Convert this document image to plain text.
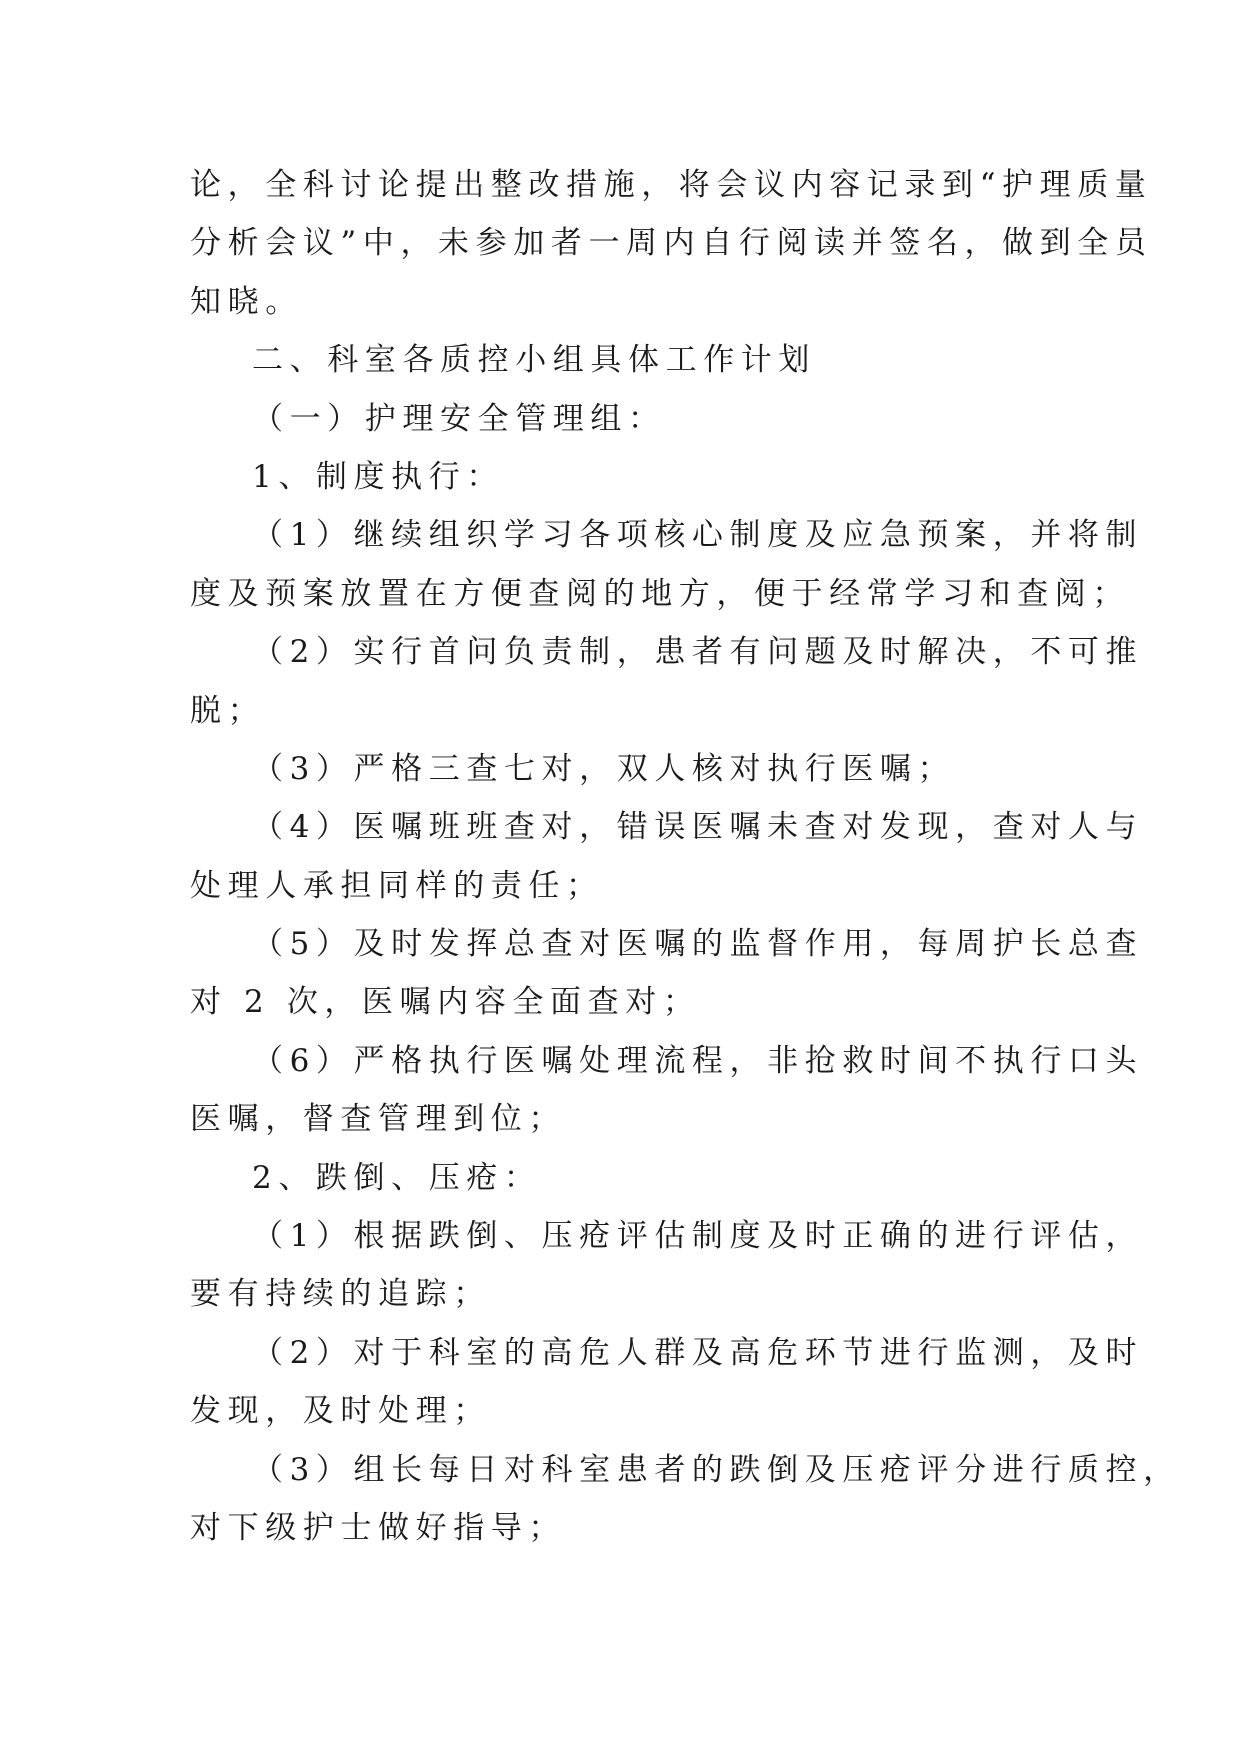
论，全科讨论提出整改措施，将会议内容记录到“护理质量
分析会议”中，未参加者一周内自行阅读并签名，做到全员
知晓。
二、科室各质控小组具体工作计划
（一）护理安全管理组：
1、制度执行：
（1）继续组织学习各项核心制度及应急预案，并将制
度及预案放置在方便查阅的地方，便于经常学习和查阅；
（2）实行首问负责制，患者有问题及时解决，不可推
脱；
（3）严格三查七对，双人核对执行医嘱；
（4）医嘱班班查对，错误医嘱未查对发现，查对人与
处理人承担同样的责任；
（5）及时发挥总查对医嘱的监督作用，每周护长总查
对 2 次，医嘱内容全面查对；
（6）严格执行医嘱处理流程，非抢救时间不执行口头
医嘱，督查管理到位；
2、跌倒、压疮：
（1）根据跌倒、压疮评估制度及时正确的进行评估，
要有持续的追踪；
（2）对于科室的高危人群及高危环节进行监测，及时
发现，及时处理；
（3）组长每日对科室患者的跌倒及压疮评分进行质控，
对下级护士做好指导；
